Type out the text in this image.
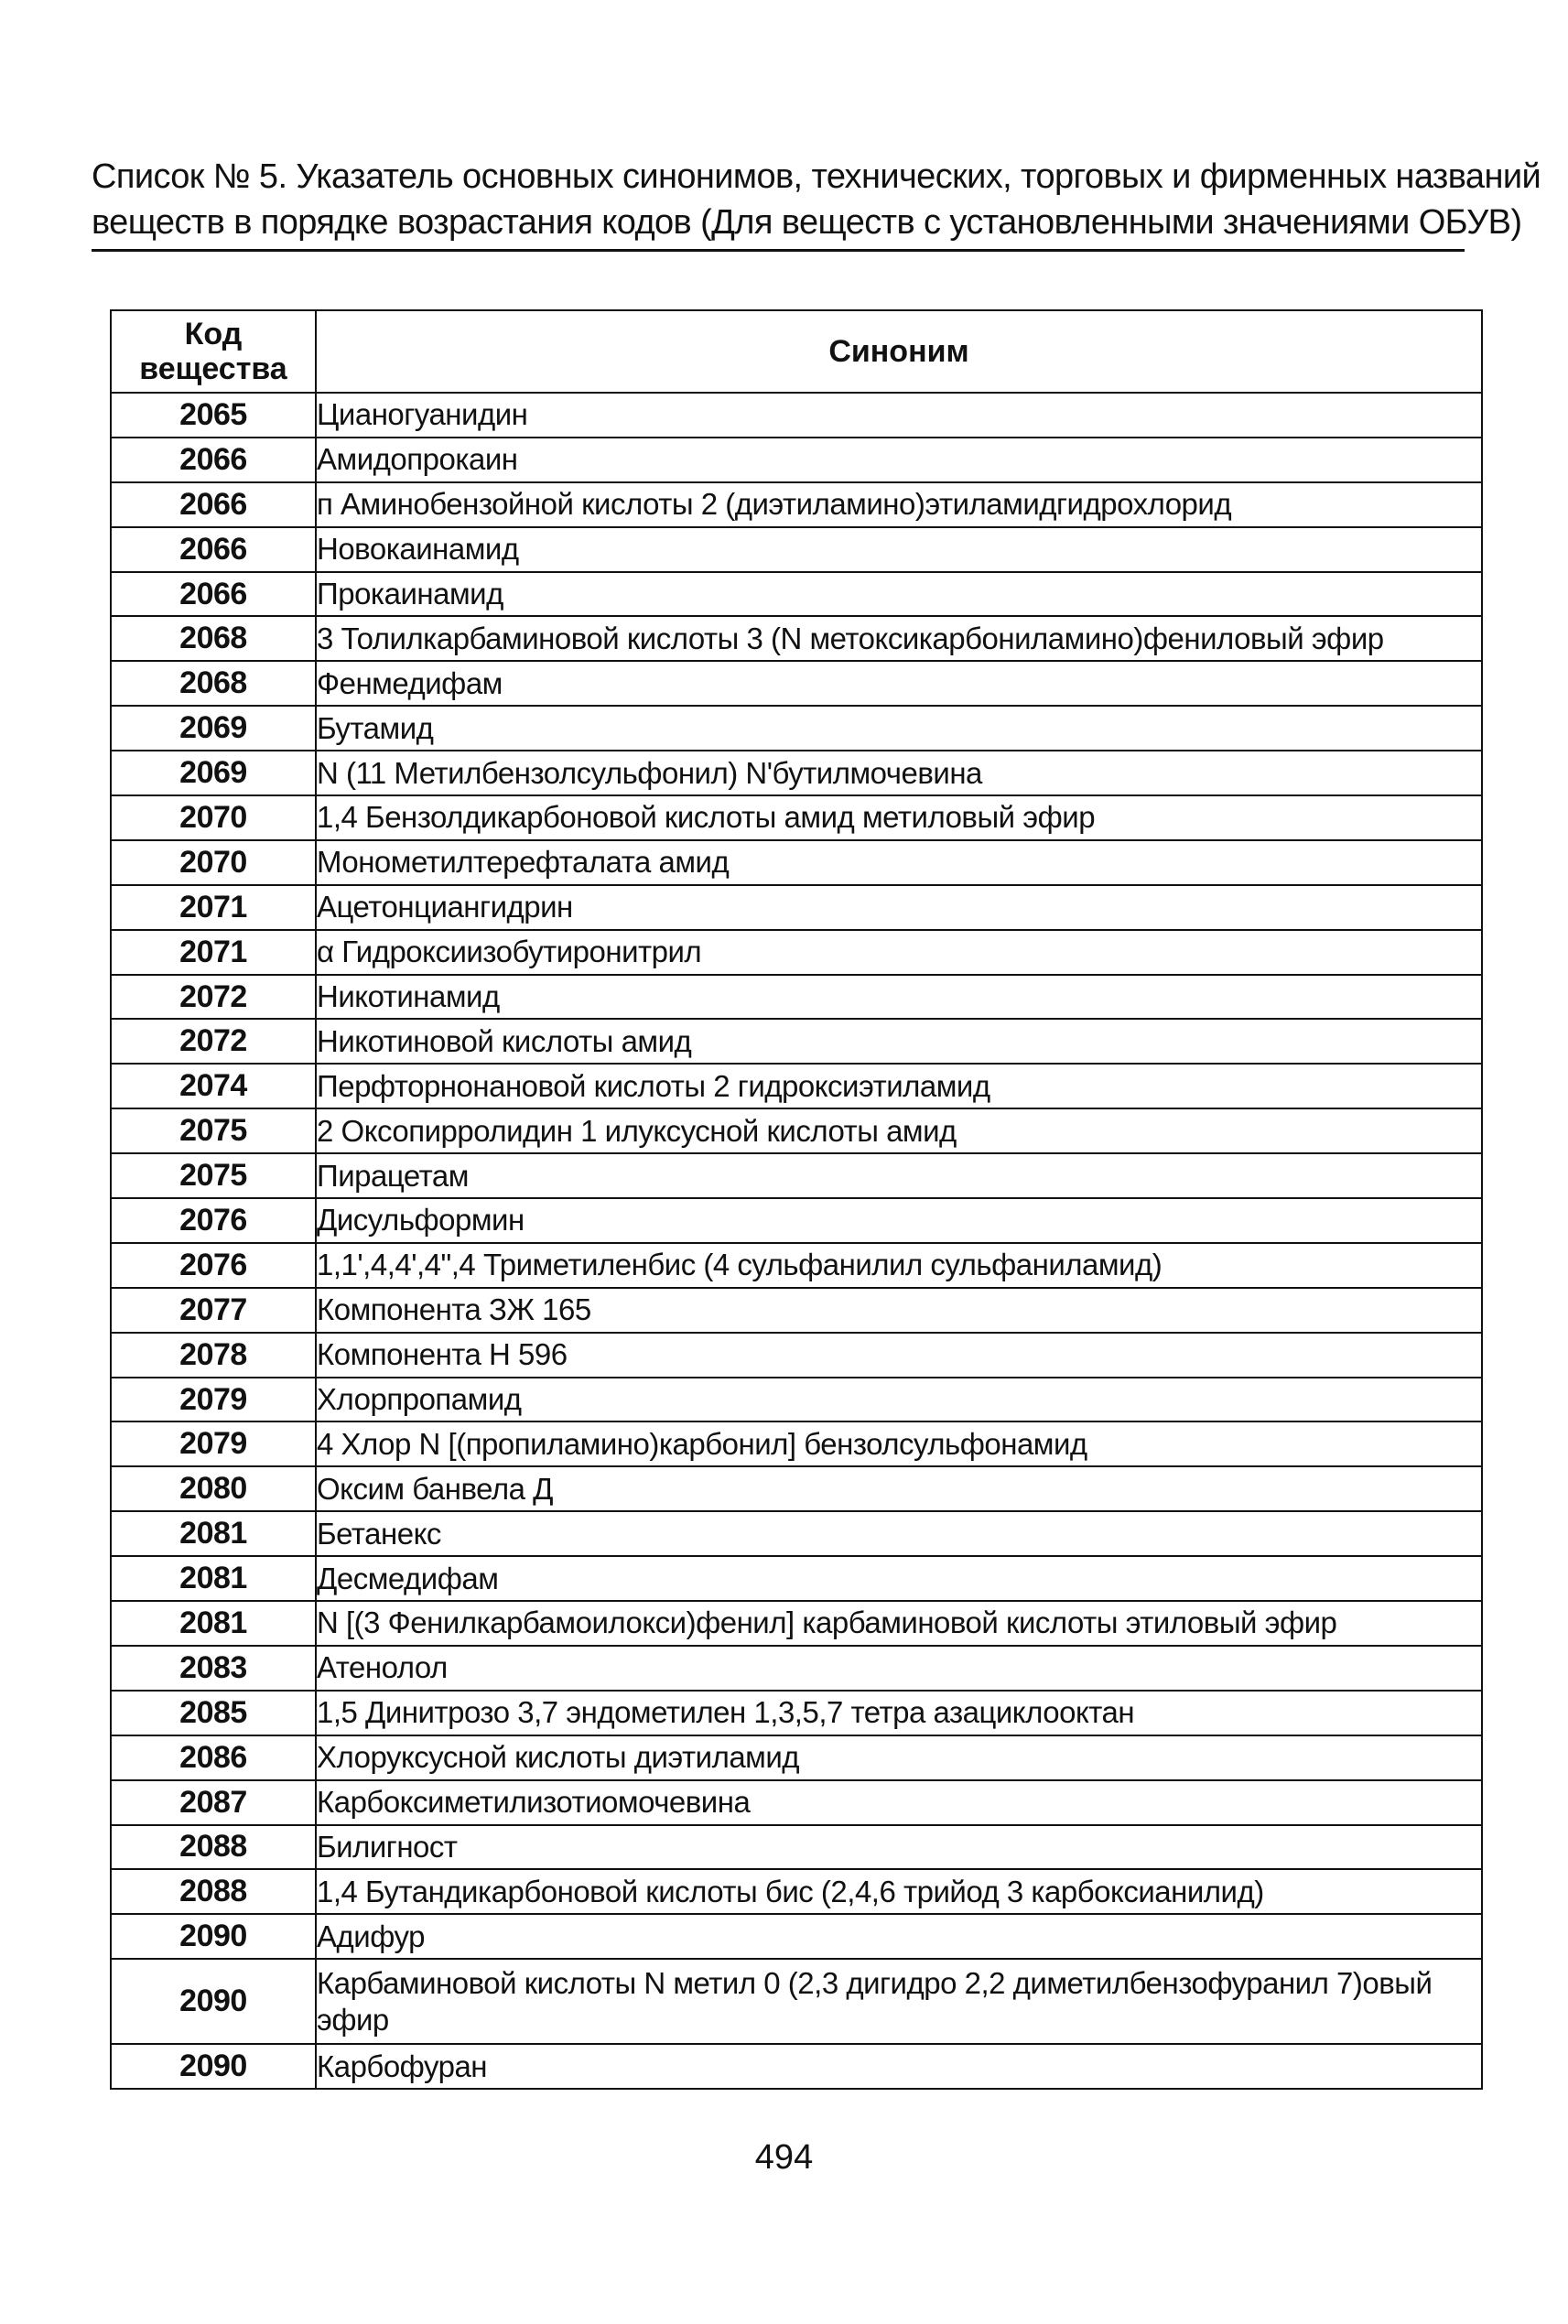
Список № 5. Указатель основных синонимов, технических, торговых и фирменных названий
веществ в порядке возрастания кодов (Для веществ с установленными значениями ОБУВ)
Код вещества	Синоним
2065	Цианогуанидин
2066	Амидопрокаин
2066	п Аминобензойной кислоты 2 (диэтиламино)этиламидгидрохлорид
2066	Новокаинамид
2066	Прокаинамид
2068	3 Толилкарбаминовой кислоты 3 (N метоксикарбониламино)фениловый эфир
2068	Фенмедифам
2069	Бутамид
2069	N (11 Метилбензолсульфонил) N'бутилмочевина
2070	1,4 Бензолдикарбоновой кислоты амид метиловый эфир
2070	Монометилтерефталата амид
2071	Ацетонциангидрин
2071	α Гидроксиизобутиронитрил
2072	Никотинамид
2072	Никотиновой кислоты амид
2074	Перфторнонановой кислоты 2 гидроксиэтиламид
2075	2 Оксопирролидин 1 илуксусной кислоты амид
2075	Пирацетам
2076	Дисульформин
2076	1,1',4,4',4",4 Триметиленбис (4 сульфанилил сульфаниламид)
2077	Компонента ЗЖ 165
2078	Компонента Н 596
2079	Хлорпропамид
2079	4 Хлор N [(пропиламино)карбонил] бензолсульфонамид
2080	Оксим банвела Д
2081	Бетанекс
2081	Десмедифам
2081	N [(3 Фенилкарбамоилокси)фенил] карбаминовой кислоты этиловый эфир
2083	Атенолол
2085	1,5 Динитрозо 3,7 эндометилен 1,3,5,7 тетра азациклооктан
2086	Хлоруксусной кислоты диэтиламид
2087	Карбоксиметилизотиомочевина
2088	Билигност
2088	1,4 Бутандикарбоновой кислоты бис (2,4,6 трийод 3 карбоксианилид)
2090	Адифур
2090	Карбаминовой кислоты N метил 0 (2,3 дигидро 2,2 диметилбензофуранил 7)овый эфир
2090	Карбофуран
494
